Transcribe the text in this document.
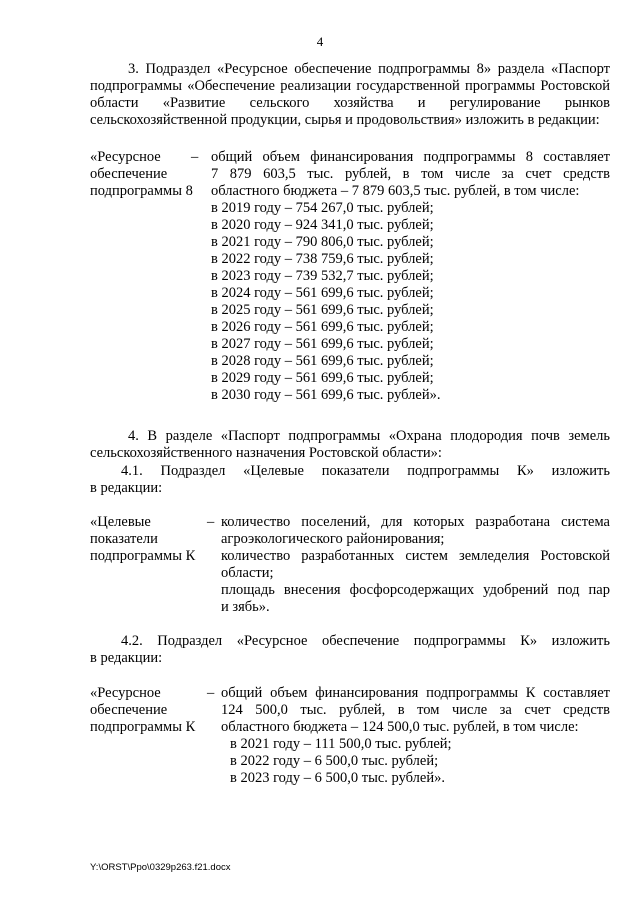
4
3. Подраздел «Ресурсное обеспечение подпрограммы 8» раздела «Паспорт
подпрограммы «Обеспечение реализации государственной программы Ростовской
области «Развитие сельского хозяйства и регулирование рынков
сельскохозяйственной продукции, сырья и продовольствия» изложить в редакции:
«Ресурсное
обеспечение
подпрограммы 8
– общий объем финансирования подпрограммы 8 составляет
7 879 603,5 тыс. рублей, в том числе за счет средств
областного бюджета – 7 879 603,5 тыс. рублей, в том числе:
в 2019 году – 754 267,0 тыс. рублей;
в 2020 году – 924 341,0 тыс. рублей;
в 2021 году – 790 806,0 тыс. рублей;
в 2022 году – 738 759,6 тыс. рублей;
в 2023 году – 739 532,7 тыс. рублей;
в 2024 году – 561 699,6 тыс. рублей;
в 2025 году – 561 699,6 тыс. рублей;
в 2026 году – 561 699,6 тыс. рублей;
в 2027 году – 561 699,6 тыс. рублей;
в 2028 году – 561 699,6 тыс. рублей;
в 2029 году – 561 699,6 тыс. рублей;
в 2030 году – 561 699,6 тыс. рублей».
4. В разделе «Паспорт подпрограммы «Охрана плодородия почв земель
сельскохозяйственного назначения Ростовской области»:
4.1. Подраздел «Целевые показатели подпрограммы К» изложить
в редакции:
«Целевые
показатели
подпрограммы К
– количество поселений, для которых разработана система
агроэкологического районирования;
количество разработанных систем земледелия Ростовской
области;
площадь внесения фосфорсодержащих удобрений под пар
и зябь».
4.2. Подраздел «Ресурсное обеспечение подпрограммы К» изложить
в редакции:
«Ресурсное
обеспечение
подпрограммы К
– общий объем финансирования подпрограммы К составляет
124 500,0 тыс. рублей, в том числе за счет средств
областного бюджета – 124 500,0 тыс. рублей, в том числе:
в 2021 году – 111 500,0 тыс. рублей;
в 2022 году – 6 500,0 тыс. рублей;
в 2023 году – 6 500,0 тыс. рублей».
Y:\ORST\Ppo\0329p263.f21.docx
